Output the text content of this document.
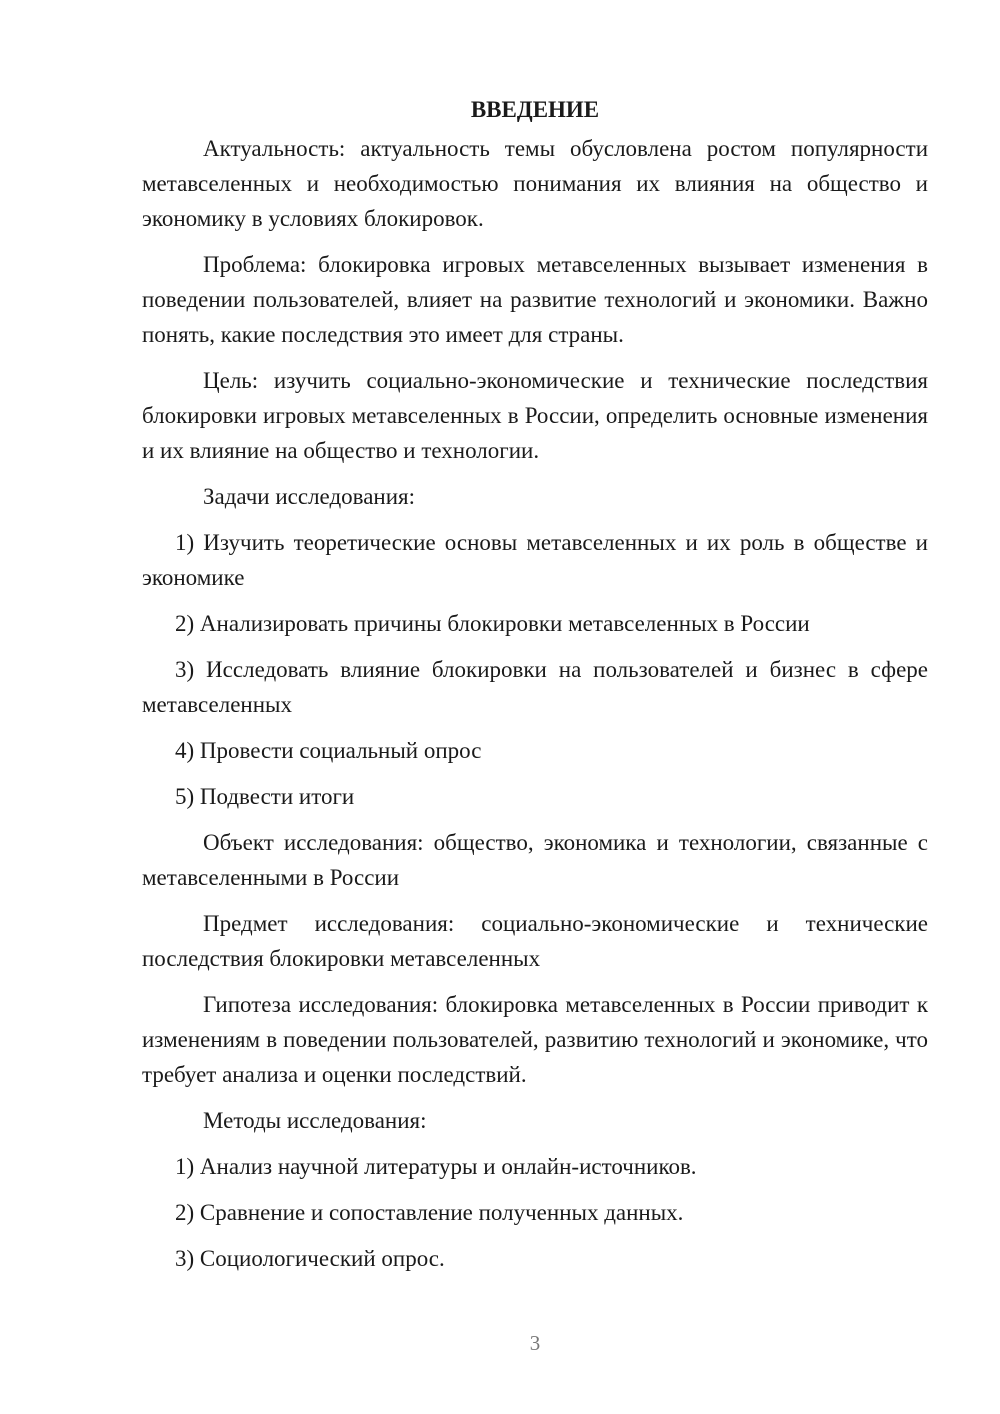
ВВЕДЕНИЕ

Актуальность: актуальность темы обусловлена ростом популярности метавселенных и необходимостью понимания их влияния на общество и экономику в условиях блокировок.

Проблема: блокировка игровых метавселенных вызывает изменения в поведении пользователей, влияет на развитие технологий и экономики. Важно понять, какие последствия это имеет для страны.

Цель: изучить социально-экономические и технические последствия блокировки игровых метавселенных в России, определить основные изменения и их влияние на общество и технологии.

Задачи исследования:

1) Изучить теоретические основы метавселенных и их роль в обществе и экономике

2) Анализировать причины блокировки метавселенных в России

3) Исследовать влияние блокировки на пользователей и бизнес в сфере метавселенных

4) Провести социальный опрос

5) Подвести итоги

Объект исследования: общество, экономика и технологии, связанные с метавселенными в России

Предмет исследования: социально-экономические и технические последствия блокировки метавселенных

Гипотеза исследования: блокировка метавселенных в России приводит к изменениям в поведении пользователей, развитию технологий и экономике, что требует анализа и оценки последствий.

Методы исследования:

1) Анализ научной литературы и онлайн-источников.

2) Сравнение и сопоставление полученных данных.

3) Социологический опрос.

3
